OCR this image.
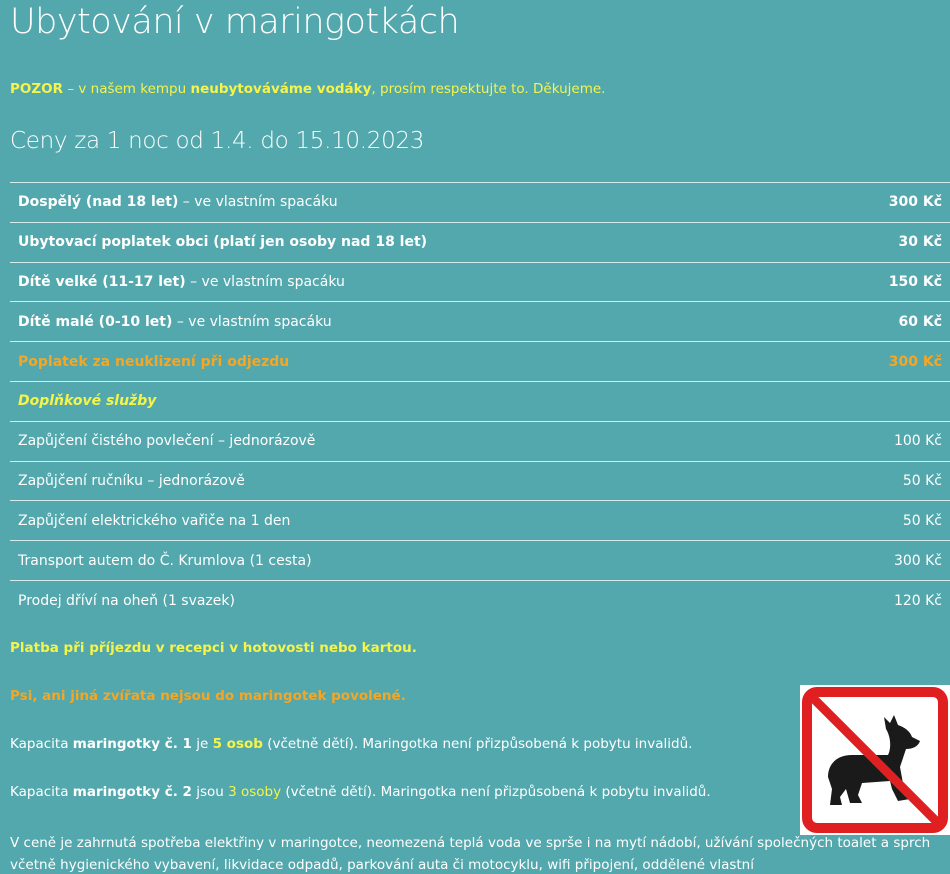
Ubytování v maringotkách
POZOR – v našem kempu neubytováváme vodáky, prosím respektujte to. Děkujeme.
Ceny za 1 noc od 1.4. do 15.10.2023
Dospělý (nad 18 let) – ve vlastním spacáku	300 Kč
Ubytovací poplatek obci (platí jen osoby nad 18 let)	30 Kč
Dítě velké (11-17 let) – ve vlastním spacáku	150 Kč
Dítě malé (0-10 let) – ve vlastním spacáku	60 Kč
Poplatek za neuklizení při odjezdu	300 Kč
Doplňkové služby	
Zapůjčení čistého povlečení – jednorázově	100 Kč
Zapůjčení ručníku – jednorázově	50 Kč
Zapůjčení elektrického vařiče na 1 den	50 Kč
Transport autem do Č. Krumlova (1 cesta)	300 Kč
Prodej dříví na oheň (1 svazek)	120 Kč
Platba při příjezdu v recepci v hotovosti nebo kartou.
Psi, ani jiná zvířata nejsou do maringotek povolené.
Kapacita maringotky č. 1 je 5 osob (včetně dětí). Maringotka není přizpůsobená k pobytu invalidů.
Kapacita maringotky č. 2 jsou 3 osoby (včetně dětí). Maringotka není přizpůsobená k pobytu invalidů.
V ceně je zahrnutá spotřeba elektřiny v maringotce, neomezená teplá voda ve sprše i na mytí nádobí, užívání společných toalet a sprch včetně hygienického vybavení, likvidace odpadů, parkování auta či motocyklu, wifi připojení, oddělené vlastní
